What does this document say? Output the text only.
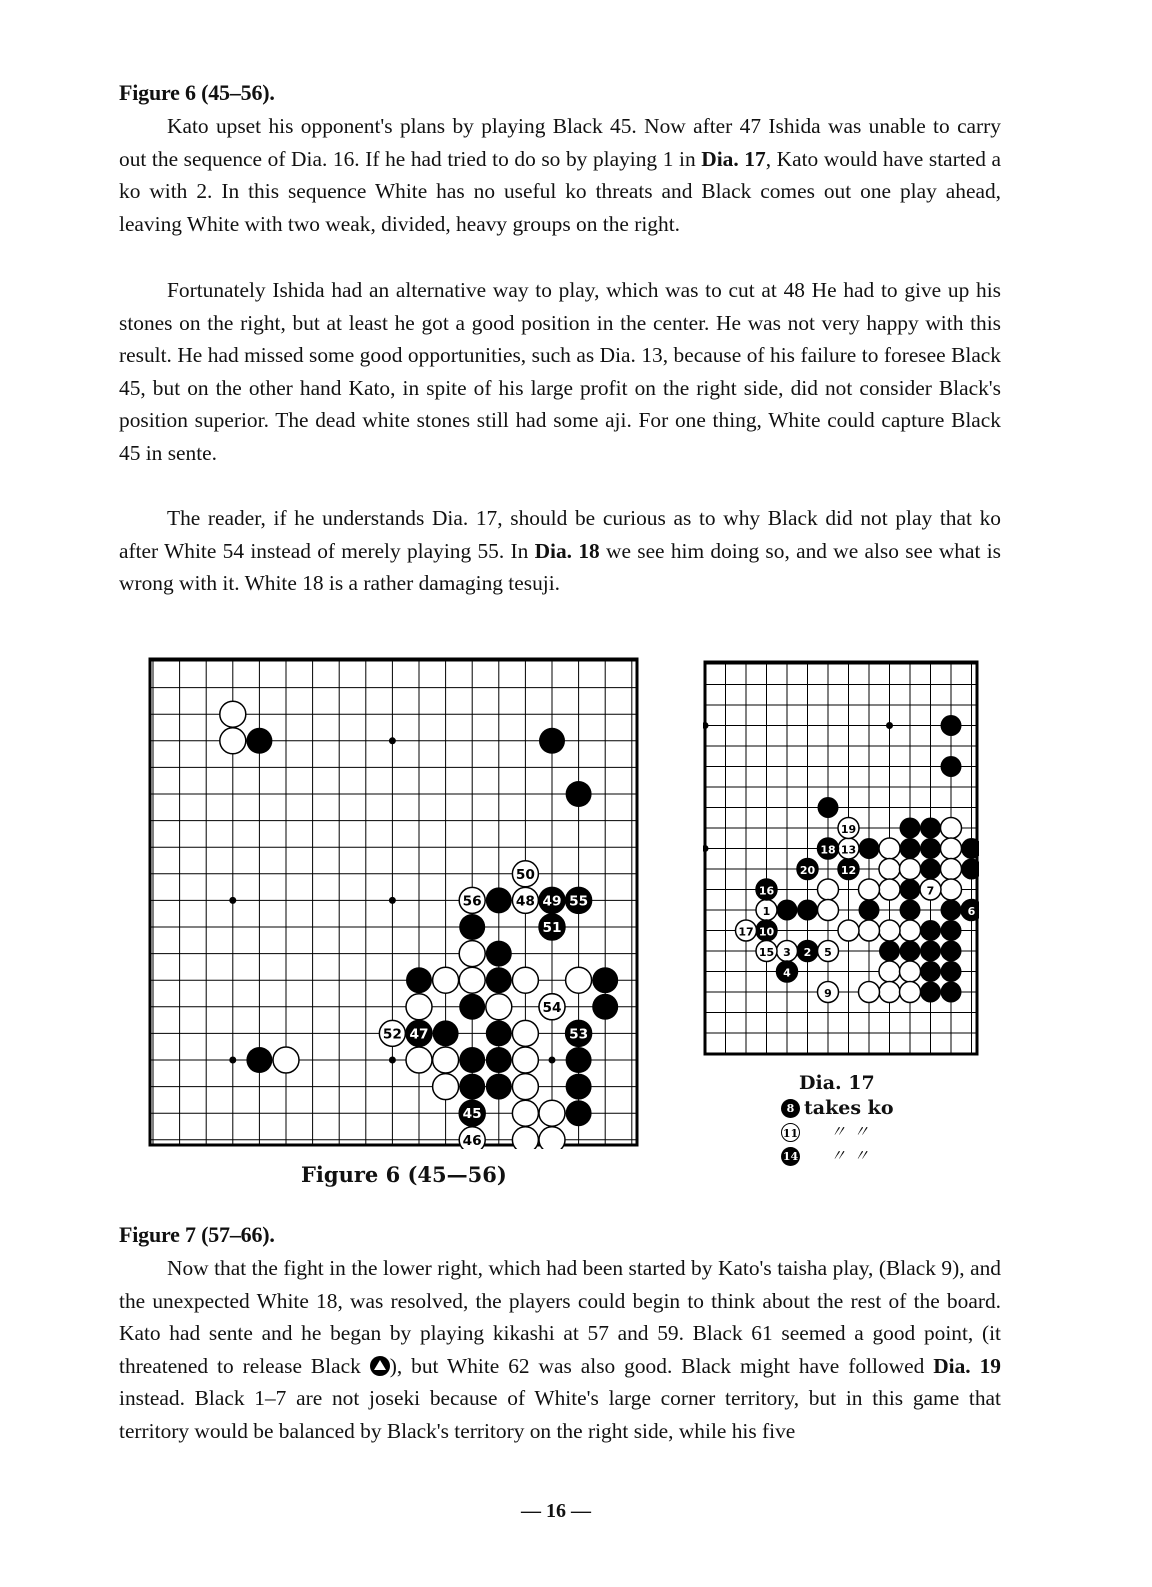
Figure 6 (45–56).
Kato upset his opponent's plans by playing Black 45. Now after 47 Ishida was unable to carry out the sequence of Dia. 16. If he had tried to do so by playing 1 in Dia. 17, Kato would have started a ko with 2. In this sequence White has no useful ko threats and Black comes out one play ahead, leaving White with two weak, divided, heavy groups on the right.
Fortunately Ishida had an alternative way to play, which was to cut at 48 He had to give up his stones on the right, but at least he got a good position in the center. He was not very happy with this result. He had missed some good opportunities, such as Dia. 13, because of his failure to foresee Black 45, but on the other hand Kato, in spite of his large profit on the right side, did not consider Black's position superior. The dead white stones still had some aji. For one thing, White could capture Black 45 in sente.
The reader, if he understands Dia. 17, should be curious as to why Black did not play that ko after White 54 instead of merely playing 55. In Dia. 18 we see him doing so, and we also see what is wrong with it. White 18 is a rather damaging tesuji.
45
46
47
48 49
50
51
52	53
54
55
56
Figure 6 (45—56)
1
2
3
4
5
6
7
9
10
12
13
15
16
17
18
19
20
Dia. 17
8 takes ko
11 〃 〃
14 〃 〃
Figure 7 (57–66).
Now that the fight in the lower right, which had been started by Kato's taisha play, (Black 9), and the unexpected White 18, was resolved, the players could begin to think about the rest of the board. Kato had sente and he began by playing kikashi at 57 and 59. Black 61 seemed a good point, (it threatened to release Black ), but White 62 was also good. Black might have followed Dia. 19 instead. Black 1–7 are not joseki because of White's large corner territory, but in this game that territory would be balanced by Black's territory on the right side, while his five
— 16 —
